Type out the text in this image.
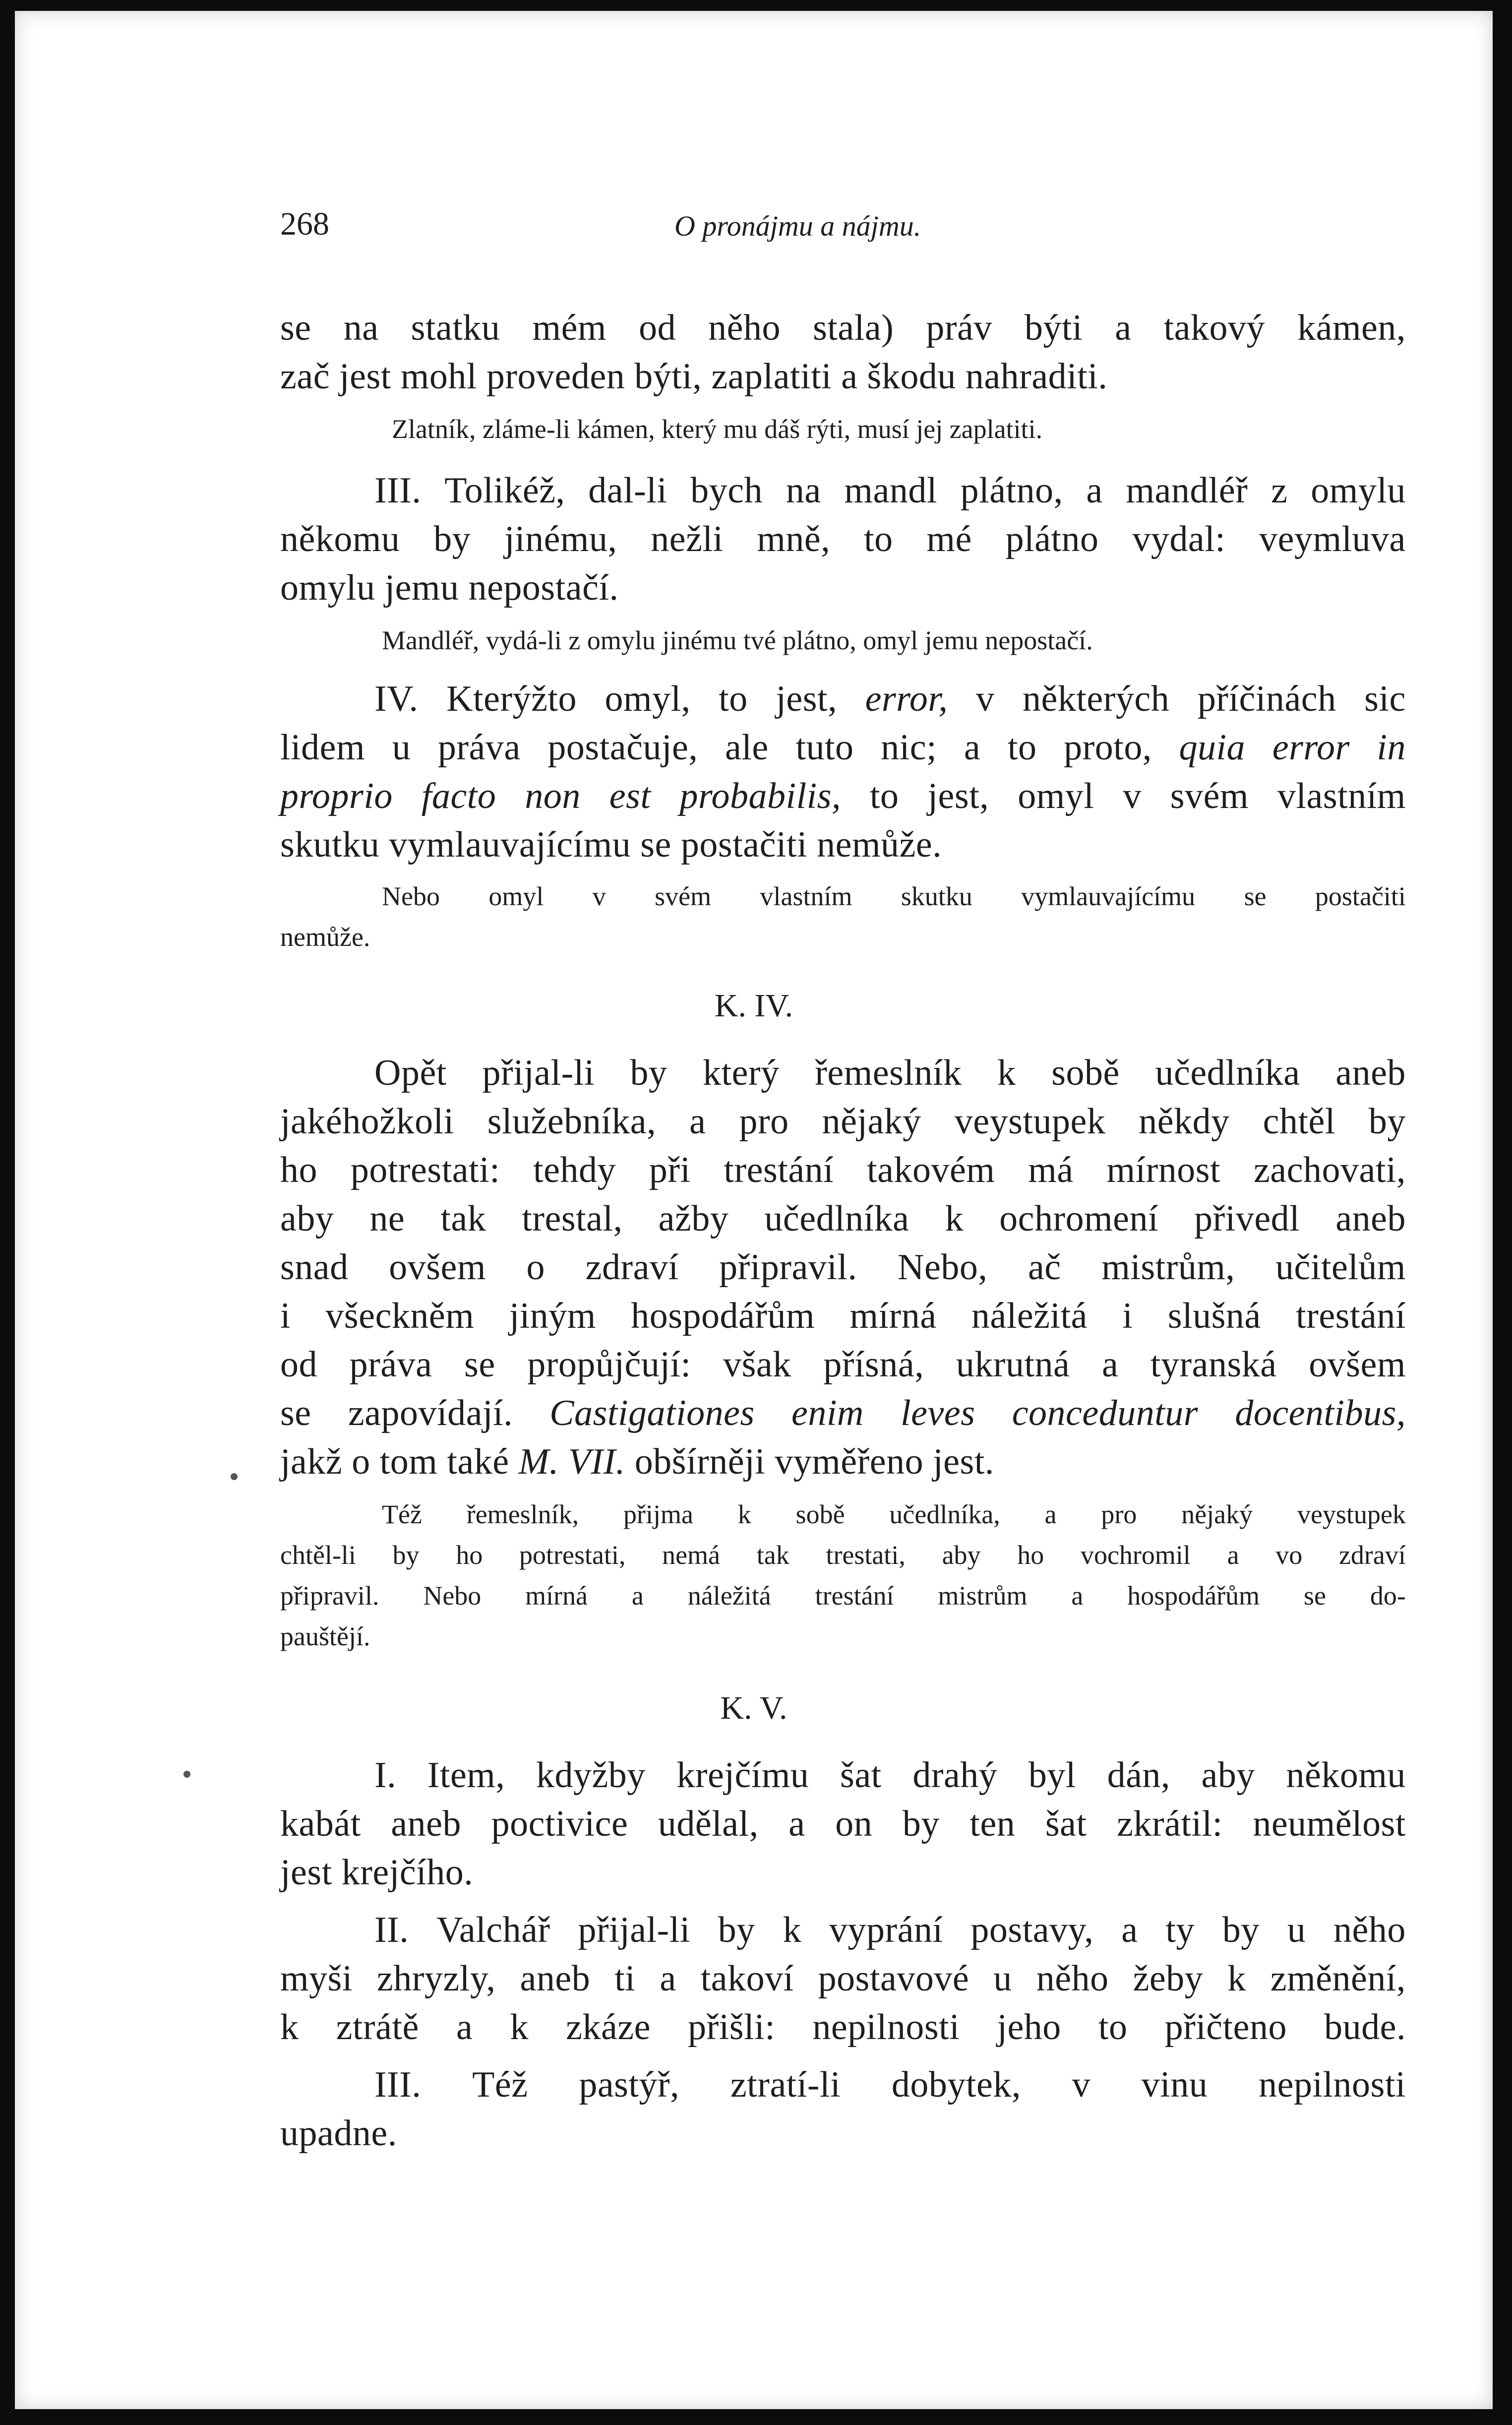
268	O pronájmu a nájmu.
se na statku mém od něho stala) práv býti a takový kámen,
zač jest mohl proveden býti, zaplatiti a škodu nahraditi.
Zlatník, zláme-li kámen, který mu dáš rýti, musí jej zaplatiti.
III. Tolikéž, dal-li bych na mandl plátno, a mandléř z omylu
někomu by jinému, nežli mně, to mé plátno vydal: veymluva
omylu jemu nepostačí.
Mandléř, vydá-li z omylu jinému tvé plátno, omyl jemu nepostačí.
IV. Kterýžto omyl, to jest, error, v některých příčinách sic
lidem u práva postačuje, ale tuto nic; a to proto, quia error in
proprio facto non est probabilis, to jest, omyl v svém vlastním
skutku vymlauvajícímu se postačiti nemůže.
Nebo omyl v svém vlastním skutku vymlauvajícímu se postačiti
nemůže.
K. IV.
Opět přijal-li by který řemeslník k sobě učedlníka aneb
jakéhožkoli služebníka, a pro nějaký veystupek někdy chtěl by
ho potrestati: tehdy při trestání takovém má mírnost zachovati,
aby ne tak trestal, ažby učedlníka k ochromení přivedl aneb
snad ovšem o zdraví připravil. Nebo, ač mistrům, učitelům
i všeckněm jiným hospodářům mírná náležitá i slušná trestání
od práva se propůjčují: však přísná, ukrutná a tyranská ovšem
se zapovídají. Castigationes enim leves conceduntur docentibus,
jakž o tom také M. VII. obšírněji vyměřeno jest.
Též řemeslník, přijma k sobě učedlníka, a pro nějaký veystupek
chtěl-li by ho potrestati, nemá tak trestati, aby ho vochromil a vo zdraví
připravil. Nebo mírná a náležitá trestání mistrům a hospodářům se do-
pauštějí.
K. V.
I. Item, kdyžby krejčímu šat drahý byl dán, aby někomu
kabát aneb poctivice udělal, a on by ten šat zkrátil: neumělost
jest krejčího.
II. Valchář přijal-li by k vyprání postavy, a ty by u něho
myši zhryzly, aneb ti a takoví postavové u něho žeby k změnění,
k ztrátě a k zkáze přišli: nepilnosti jeho to přičteno bude.
III. Též pastýř, ztratí-li dobytek, v vinu nepilnosti
upadne.
